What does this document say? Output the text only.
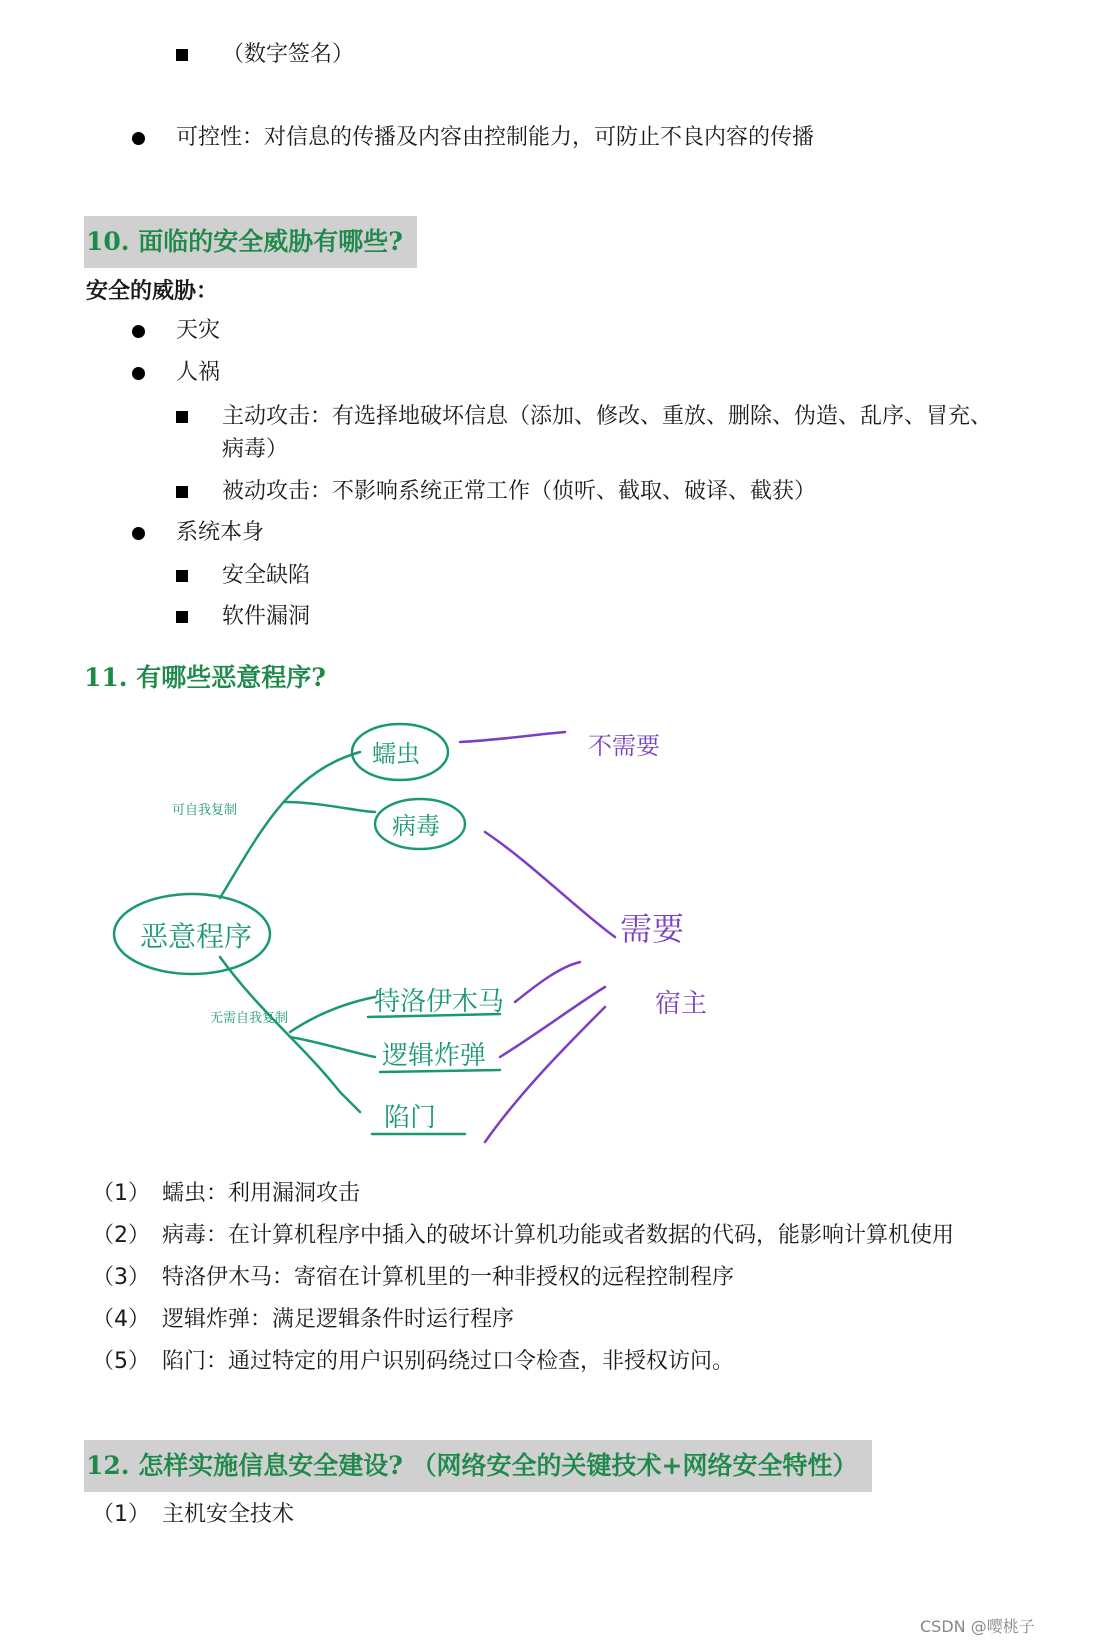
（数字签名）
可控性：对信息的传播及内容由控制能力，可防止不良内容的传播
10. 面临的安全威胁有哪些?
安全的威胁：
天灾
人祸
主动攻击：有选择地破坏信息（添加、修改、重放、删除、伪造、乱序、冒充、
病毒）
被动攻击：不影响系统正常工作（侦听、截取、破译、截获）
系统本身
安全缺陷
软件漏洞
11. 有哪些恶意程序?
恶意程序
可自我复制
无需自我复制
蠕虫
病毒
特洛伊木马
逻辑炸弹
陷门
不需要
需要
宿主
（1） 蠕虫：利用漏洞攻击
（2） 病毒：在计算机程序中插入的破坏计算机功能或者数据的代码，能影响计算机使用
（3） 特洛伊木马：寄宿在计算机里的一种非授权的远程控制程序
（4） 逻辑炸弹：满足逻辑条件时运行程序
（5） 陷门：通过特定的用户识别码绕过口令检查，非授权访问。
12. 怎样实施信息安全建设? （网络安全的关键技术+网络安全特性）
（1） 主机安全技术
CSDN @嘤桃子
